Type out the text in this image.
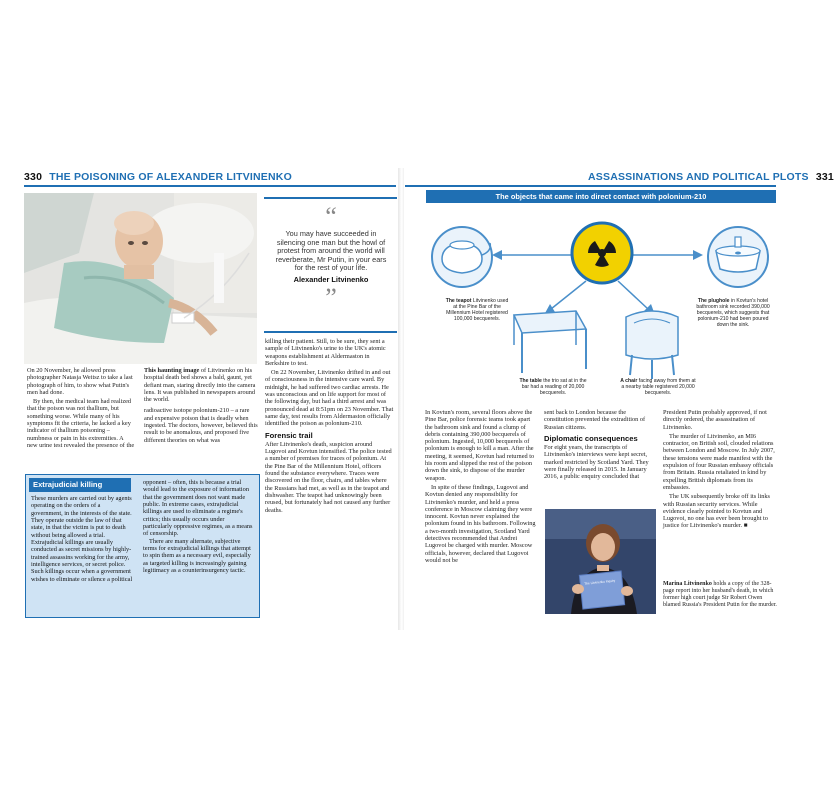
330 THE POISONING OF ALEXANDER LITVINENKO
“
You may have succeeded in silencing one man but the howl of protest from around the world will reverberate, Mr Putin, in your ears for the rest of your life.
Alexander Litvinenko
”

On 20 November, he allowed press photographer Natasja Weitsz to take a last photograph of him, to show what Putin's men had done.

By then, the medical team had realized that the poison was not thallium, but something worse. While many of his symptoms fit the criteria, he lacked a key indicator of thallium poisoning – numbness or pain in his extremities. A new urine test revealed the presence of the

This haunting image of Litvinenko on his hospital death bed shows a bald, gaunt, yet defiant man, staring directly into the camera lens. It was published in newspapers around the world.

radioactive isotope polonium-210 – a rare and expensive poison that is deadly when ingested. The doctors, however, believed this result to be anomalous, and proposed five different theories on what was

killing their patient. Still, to be sure, they sent a sample of Litvinenko's urine to the UK's atomic weapons establishment at Aldermaston in Berkshire to test.

On 22 November, Litvinenko drifted in and out of consciousness in the intensive care ward. By midnight, he had suffered two cardiac arrests. He was unconscious and on life support for most of the following day, but had a third arrest and was pronounced dead at 8:51pm on 23 November. That same day, test results from Aldermaston officially identified the poison as polonium-210.

Forensic trail

After Litvinenko's death, suspicion around Lugovoi and Kovtun intensified. The police tested a number of premises for traces of polonium. At the Pine Bar of the Millennium Hotel, officers found the substance everywhere. Traces were discovered on the floor, chairs, and tables where the Russians had met, as well as in the teapot and dishwasher. The teapot had unknowingly been reused, but fortunately had not caused any further deaths.

Extrajudicial killing
These murders are carried out by agents operating on the orders of a government, in the interests of the state. They operate outside the law of that state, in that the victim is put to death without being allowed a trial. Extrajudicial killings are usually conducted as secret missions by highly-trained assassins working for the army, intelligence services, or secret police. Such killings occur when a government wishes to eliminate or silence a political
opponent – often, this is because a trial would lead to the exposure of information that the government does not want made public. In extreme cases, extrajudicial killings are used to eliminate a regime's critics; this usually occurs under particularly oppressive regimes, as a means of censorship.
There are many alternate, subjective terms for extrajudicial killings that attempt to spin them as a necessary evil, especially as targeted killing is increasingly gaining legitimacy as a counterinsurgency tactic.
ASSASSINATIONS AND POLITICAL PLOTS 331
The objects that came into direct contact with polonium-210
The teapot Litvinenko used at the Pine Bar of the Millennium Hotel registered 100,000 becquerels.
The plughole in Kovtun's hotel bathroom sink recorded 390,000 becquerels, which suggests that polonium-210 had been poured down the sink.
The table the trio sat at in the bar had a reading of 20,000 becquerels.
A chair facing away from them at a nearby table registered 20,000 becquerels.

In Kovtun's room, several floors above the Pine Bar, police forensic teams took apart the bathroom sink and found a clump of debris containing 390,000 becquerels of polonium. Ingested, 10,000 becquerels of polonium is enough to kill a man. After the meeting, it seemed, Kovtun had returned to his room and slipped the rest of the poison down the sink, to dispose of the murder weapon.

In spite of these findings, Lugovoi and Kovtun denied any responsibility for Litvinenko's murder, and held a press conference in Moscow claiming they were innocent. Kovtun never explained the polonium found in his bathroom. Following a two-month investigation, Scotland Yard detectives recommended that Andrei Lugovoi be charged with murder. Moscow officials, however, declared that Lugovoi would not be

sent back to London because the constitution prevented the extradition of Russian citizens.

Diplomatic consequences

For eight years, the transcripts of Litvinenko's interviews were kept secret, marked restricted by Scotland Yard. They were finally released in 2015. In January 2016, a public enquiry concluded that

The Litvinenko Inquiry

President Putin probably approved, if not directly ordered, the assassination of Litvinenko.

The murder of Litvinenko, an MI6 contractor, on British soil, clouded relations between London and Moscow. In July 2007, these tensions were made manifest with the expulsion of four Russian embassy officials from Britain. Russia retaliated in kind by expelling British diplomats from its embassies.

The UK subsequently broke off its links with Russian security services. While evidence clearly pointed to Kovtun and Lugovoi, no one has ever been brought to justice for Litvinenko's murder. ■

Marina Litvinenko holds a copy of the 328-page report into her husband's death, in which former high court judge Sir Robert Owen blamed Russia's President Putin for the murder.
